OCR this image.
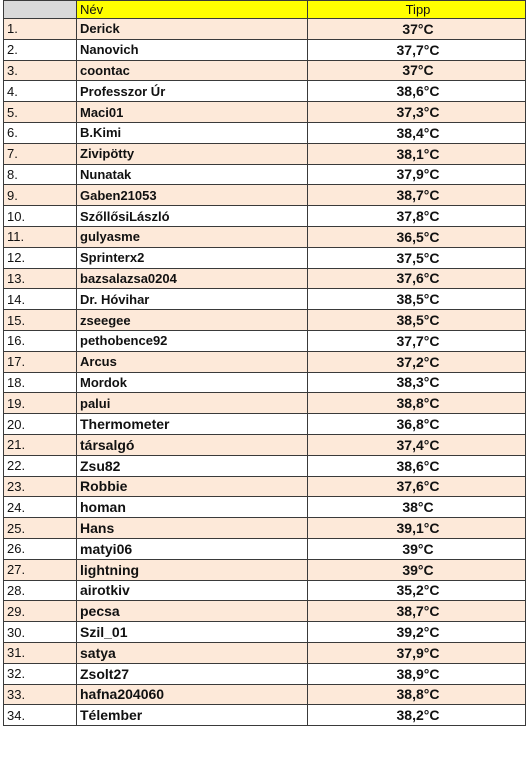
	Név	Tipp
1.	Derick	37°C
2.	Nanovich	37,7°C
3.	coontac	37°C
4.	Professzor Úr	38,6°C
5.	Maci01	37,3°C
6.	B.Kimi	38,4°C
7.	Zivipötty	38,1°C
8.	Nunatak	37,9°C
9.	Gaben21053	38,7°C
10.	SzőllősiLászló	37,8°C
11.	gulyasme	36,5°C
12.	Sprinterx2	37,5°C
13.	bazsalazsa0204	37,6°C
14.	Dr. Hóvihar	38,5°C
15.	zseegee	38,5°C
16.	pethobence92	37,7°C
17.	Arcus	37,2°C
18.	Mordok	38,3°C
19.	palui	38,8°C
20.	Thermometer	36,8°C
21.	társalgó	37,4°C
22.	Zsu82	38,6°C
23.	Robbie	37,6°C
24.	homan	38°C
25.	Hans	39,1°C
26.	matyi06	39°C
27.	lightning	39°C
28.	airotkiv	35,2°C
29.	pecsa	38,7°C
30.	Szil_01	39,2°C
31.	satya	37,9°C
32.	Zsolt27	38,9°C
33.	hafna204060	38,8°C
34.	Télember	38,2°C
